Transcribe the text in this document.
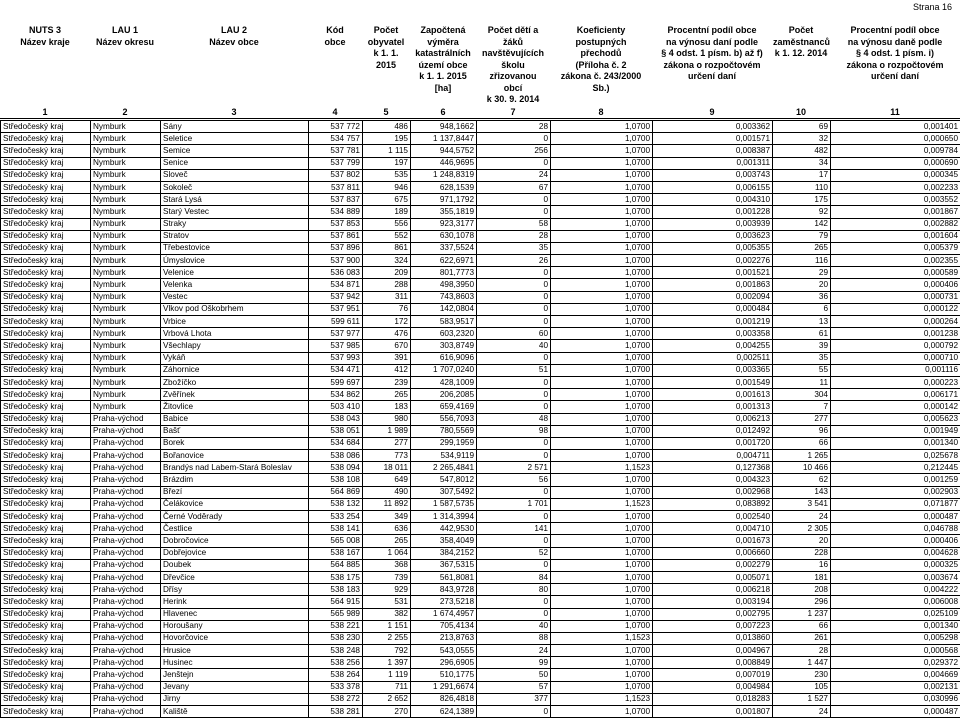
Strana 16
NUTS 3
Název kraje	LAU 1
Název okresu	LAU 2
Název obce	Kód
obce	Počet
obyvatel
k 1. 1. 2015	Započtená výměra
katastrálních
území obce
k 1. 1. 2015
[ha]	Počet dětí a žáků
navštěvujících
školu zřizovanou
obcí
k 30. 9. 2014	Koeficienty
postupných
přechodů
(Příloha č. 2
zákona č. 243/2000 Sb.)	Procentní podíl obce
na výnosu daní podle
§ 4 odst. 1 písm. b) až f)
zákona o rozpočtovém
určení daní	Počet
zaměstnanců
k 1. 12. 2014	Procentní podíl obce
na výnosu daně podle
§ 4 odst. 1 písm. i)
zákona o rozpočtovém
určení daní
1	2	3	4	5	6	7	8	9	10	11
Středočeský kraj	Nymburk	Sány	537 772	486	948,1662	28	1,0700	0,003362	69	0,001401
Středočeský kraj	Nymburk	Seletice	534 757	195	1 137,8447	0	1,0700	0,001571	32	0,000650
Středočeský kraj	Nymburk	Semice	537 781	1 115	944,5752	256	1,0700	0,008387	482	0,009784
Středočeský kraj	Nymburk	Senice	537 799	197	446,9695	0	1,0700	0,001311	34	0,000690
Středočeský kraj	Nymburk	Sloveč	537 802	535	1 248,8319	24	1,0700	0,003743	17	0,000345
Středočeský kraj	Nymburk	Sokoleč	537 811	946	628,1539	67	1,0700	0,006155	110	0,002233
Středočeský kraj	Nymburk	Stará Lysá	537 837	675	971,1792	0	1,0700	0,004310	175	0,003552
Středočeský kraj	Nymburk	Starý Vestec	534 889	189	355,1819	0	1,0700	0,001228	92	0,001867
Středočeský kraj	Nymburk	Straky	537 853	556	923,3177	58	1,0700	0,003939	142	0,002882
Středočeský kraj	Nymburk	Stratov	537 861	552	630,1078	28	1,0700	0,003623	79	0,001604
Středočeský kraj	Nymburk	Třebestovice	537 896	861	337,5524	35	1,0700	0,005355	265	0,005379
Středočeský kraj	Nymburk	Úmyslovice	537 900	324	622,6971	26	1,0700	0,002276	116	0,002355
Středočeský kraj	Nymburk	Velenice	536 083	209	801,7773	0	1,0700	0,001521	29	0,000589
Středočeský kraj	Nymburk	Velenka	534 871	288	498,3950	0	1,0700	0,001863	20	0,000406
Středočeský kraj	Nymburk	Vestec	537 942	311	743,8603	0	1,0700	0,002094	36	0,000731
Středočeský kraj	Nymburk	Vlkov pod Oškobrhem	537 951	76	142,0804	0	1,0700	0,000484	6	0,000122
Středočeský kraj	Nymburk	Vrbice	599 611	172	583,9517	0	1,0700	0,001219	13	0,000264
Středočeský kraj	Nymburk	Vrbová Lhota	537 977	476	603,2320	60	1,0700	0,003358	61	0,001238
Středočeský kraj	Nymburk	Všechlapy	537 985	670	303,8749	40	1,0700	0,004255	39	0,000792
Středočeský kraj	Nymburk	Vykáň	537 993	391	616,9096	0	1,0700	0,002511	35	0,000710
Středočeský kraj	Nymburk	Záhornice	534 471	412	1 707,0240	51	1,0700	0,003365	55	0,001116
Středočeský kraj	Nymburk	Zbožíčko	599 697	239	428,1009	0	1,0700	0,001549	11	0,000223
Středočeský kraj	Nymburk	Zvěřínek	534 862	265	206,2085	0	1,0700	0,001613	304	0,006171
Středočeský kraj	Nymburk	Žitovlice	503 410	183	659,4169	0	1,0700	0,001313	7	0,000142
Středočeský kraj	Praha-východ	Babice	538 043	980	556,7093	48	1,0700	0,006213	277	0,005623
Středočeský kraj	Praha-východ	Bašť	538 051	1 989	780,5569	98	1,0700	0,012492	96	0,001949
Středočeský kraj	Praha-východ	Borek	534 684	277	299,1959	0	1,0700	0,001720	66	0,001340
Středočeský kraj	Praha-východ	Bořanovice	538 086	773	534,9119	0	1,0700	0,004711	1 265	0,025678
Středočeský kraj	Praha-východ	Brandýs nad Labem-Stará Boleslav	538 094	18 011	2 265,4841	2 571	1,1523	0,127368	10 466	0,212445
Středočeský kraj	Praha-východ	Brázdim	538 108	649	547,8012	56	1,0700	0,004323	62	0,001259
Středočeský kraj	Praha-východ	Březí	564 869	490	307,5492	0	1,0700	0,002968	143	0,002903
Středočeský kraj	Praha-východ	Čelákovice	538 132	11 892	1 587,5735	1 701	1,1523	0,083892	3 541	0,071877
Středočeský kraj	Praha-východ	Černé Voděrady	533 254	349	1 314,3994	0	1,0700	0,002540	24	0,000487
Středočeský kraj	Praha-východ	Čestlice	538 141	636	442,9530	141	1,0700	0,004710	2 305	0,046788
Středočeský kraj	Praha-východ	Dobročovice	565 008	265	358,4049	0	1,0700	0,001673	20	0,000406
Středočeský kraj	Praha-východ	Dobřejovice	538 167	1 064	384,2152	52	1,0700	0,006660	228	0,004628
Středočeský kraj	Praha-východ	Doubek	564 885	368	367,5315	0	1,0700	0,002279	16	0,000325
Středočeský kraj	Praha-východ	Dřevčice	538 175	739	561,8081	84	1,0700	0,005071	181	0,003674
Středočeský kraj	Praha-východ	Dřísy	538 183	929	843,9728	80	1,0700	0,006218	208	0,004222
Středočeský kraj	Praha-východ	Herink	564 915	531	273,5218	0	1,0700	0,003194	296	0,006008
Středočeský kraj	Praha-východ	Hlavenec	565 989	382	1 674,4957	0	1,0700	0,002795	1 237	0,025109
Středočeský kraj	Praha-východ	Horoušany	538 221	1 151	705,4134	40	1,0700	0,007223	66	0,001340
Středočeský kraj	Praha-východ	Hovorčovice	538 230	2 255	213,8763	88	1,1523	0,013860	261	0,005298
Středočeský kraj	Praha-východ	Hrusice	538 248	792	543,0555	24	1,0700	0,004967	28	0,000568
Středočeský kraj	Praha-východ	Husinec	538 256	1 397	296,6905	99	1,0700	0,008849	1 447	0,029372
Středočeský kraj	Praha-východ	Jenštejn	538 264	1 119	510,1775	50	1,0700	0,007019	230	0,004669
Středočeský kraj	Praha-východ	Jevany	533 378	711	1 291,6674	57	1,0700	0,004984	105	0,002131
Středočeský kraj	Praha-východ	Jirny	538 272	2 652	826,4818	377	1,1523	0,018283	1 527	0,030996
Středočeský kraj	Praha-východ	Kaliště	538 281	270	624,1389	0	1,0700	0,001807	24	0,000487
